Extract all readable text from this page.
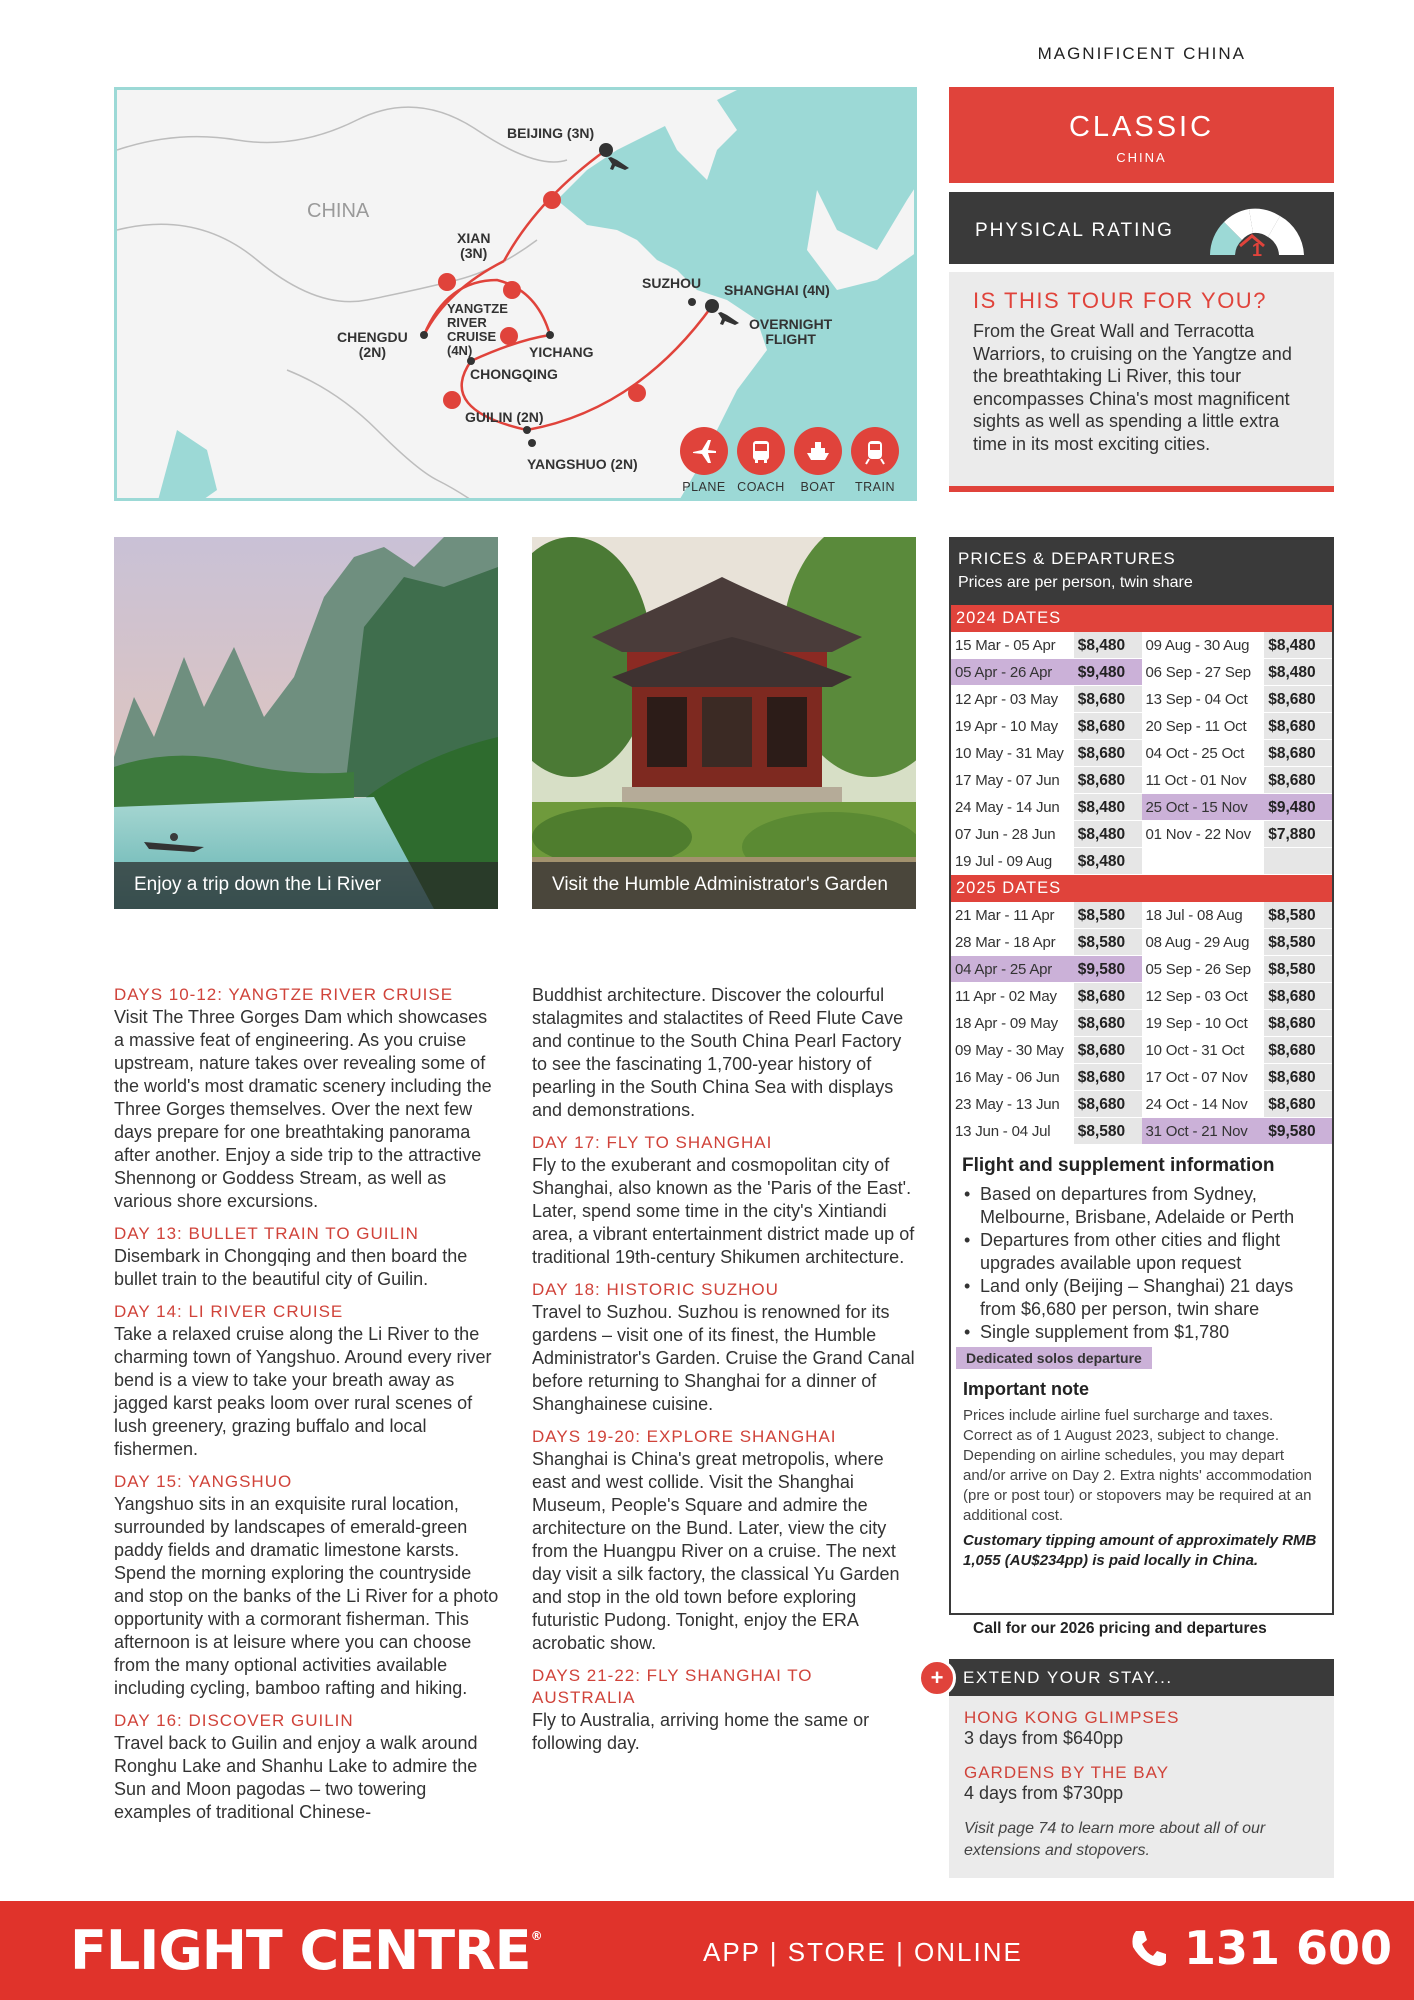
MAGNIFICENT CHINA
CHINA
BEIJING (3N)
XIAN
(3N)
CHENGDU
(2N)
YANGTZE
RIVER
CRUISE
(4N)	YICHANG
CHONGQING
SUZHOU SHANGHAI (4N)
OVERNIGHT
FLIGHT
GUILIN (2N)
YANGSHUO (2N)
PLANE COACH BOAT TRAIN
CLASSIC
CHINA
PHYSICAL RATING
1
IS THIS TOUR FOR YOU?

From the Great Wall and Terracotta Warriors, to cruising on the Yangtze and the breathtaking Li River, this tour encompasses China's most magnificent sights as well as spending a little extra time in its most exciting cities.

Enjoy a trip down the Li River	Visit the Humble Administrator's Garden
DAYS 10-12: YANGTZE RIVER CRUISE

Visit The Three Gorges Dam which showcases a massive feat of engineering. As you cruise upstream, nature takes over revealing some of the world's most dramatic scenery including the Three Gorges themselves. Over the next few days prepare for one breathtaking panorama after another. Enjoy a side trip to the attractive Shennong or Goddess Stream, as well as various shore excursions.

DAY 13: BULLET TRAIN TO GUILIN

Disembark in Chongqing and then board the bullet train to the beautiful city of Guilin.

DAY 14: LI RIVER CRUISE

Take a relaxed cruise along the Li River to the charming town of Yangshuo. Around every river bend is a view to take your breath away as jagged karst peaks loom over rural scenes of lush greenery, grazing buffalo and local fishermen.

DAY 15: YANGSHUO

Yangshuo sits in an exquisite rural location, surrounded by landscapes of emerald-green paddy fields and dramatic limestone karsts. Spend the morning exploring the countryside and stop on the banks of the Li River for a photo opportunity with a cormorant fisherman. This afternoon is at leisure where you can choose from the many optional activities available including cycling, bamboo rafting and hiking.

DAY 16: DISCOVER GUILIN

Travel back to Guilin and enjoy a walk around Ronghu Lake and Shanhu Lake to admire the Sun and Moon pagodas – two towering examples of traditional Chinese-

Buddhist architecture. Discover the colourful stalagmites and stalactites of Reed Flute Cave and continue to the South China Pearl Factory to see the fascinating 1,700-year history of pearling in the South China Sea with displays and demonstrations.

DAY 17: FLY TO SHANGHAI

Fly to the exuberant and cosmopolitan city of Shanghai, also known as the 'Paris of the East'. Later, spend some time in the city's Xintiandi area, a vibrant entertainment district made up of traditional 19th-century Shikumen architecture.

DAY 18: HISTORIC SUZHOU

Travel to Suzhou. Suzhou is renowned for its gardens – visit one of its finest, the Humble Administrator's Garden. Cruise the Grand Canal before returning to Shanghai for a dinner of Shanghainese cuisine.

DAYS 19-20: EXPLORE SHANGHAI

Shanghai is China's great metropolis, where east and west collide. Visit the Shanghai Museum, People's Square and admire the architecture on the Bund. Later, view the city from the Huangpu River on a cruise. The next day visit a silk factory, the classical Yu Garden and stop in the old town before exploring futuristic Pudong. Tonight, enjoy the ERA acrobatic show.

DAYS 21-22: FLY SHANGHAI TO AUSTRALIA

Fly to Australia, arriving home the same or following day.

PRICES & DEPARTURES
Prices are per person, twin share
2024 DATES
15 Mar - 05 Apr	$8,480	09 Aug - 30 Aug	$8,480
05 Apr - 26 Apr	$9,480	06 Sep - 27 Sep	$8,480
12 Apr - 03 May	$8,680	13 Sep - 04 Oct	$8,680
19 Apr - 10 May	$8,680	20 Sep - 11 Oct	$8,680
10 May - 31 May $8,680	04 Oct - 25 Oct	$8,680
17 May - 07 Jun	$8,680	11 Oct - 01 Nov	$8,680
24 May - 14 Jun	$8,480	25 Oct - 15 Nov	$9,480
07 Jun - 28 Jun	$8,480	01 Nov - 22 Nov	$7,880
19 Jul - 09 Aug	$8,480
2025 DATES
21 Mar - 11 Apr	$8,580	18 Jul - 08 Aug	$8,580
28 Mar - 18 Apr	$8,580	08 Aug - 29 Aug	$8,580
04 Apr - 25 Apr	$9,580	05 Sep - 26 Sep	$8,580
11 Apr - 02 May	$8,680	12 Sep - 03 Oct	$8,680
18 Apr - 09 May	$8,680	19 Sep - 10 Oct	$8,680
09 May - 30 May $8,680	10 Oct - 31 Oct	$8,680
16 May - 06 Jun	$8,680	17 Oct - 07 Nov	$8,680
23 May - 13 Jun	$8,680	24 Oct - 14 Nov	$8,680
13 Jun - 04 Jul	$8,580	31 Oct - 21 Nov	$9,580
Flight and supplement information
• Based on departures from Sydney, Melbourne, Brisbane, Adelaide or Perth
• Departures from other cities and flight upgrades available upon request
• Land only (Beijing – Shanghai) 21 days from $6,680 per person, twin share
• Single supplement from $1,780
Dedicated solos departure
Important note

Prices include airline fuel surcharge and taxes. Correct as of 1 August 2023, subject to change. Depending on airline schedules, you may depart and/or arrive on Day 2. Extra nights' accommodation (pre or post tour) or stopovers may be required at an additional cost.

Customary tipping amount of approximately RMB 1,055 (AU$234pp) is paid locally in China.

Call for our 2026 pricing and departures
EXTEND YOUR STAY...
+
HONG KONG GLIMPSES
3 days from $640pp
GARDENS BY THE BAY
4 days from $730pp
Visit page 74 to learn more about all of our extensions and stopovers.
FLIGHT CENTRE®
APP | STORE | ONLINE	131 600
